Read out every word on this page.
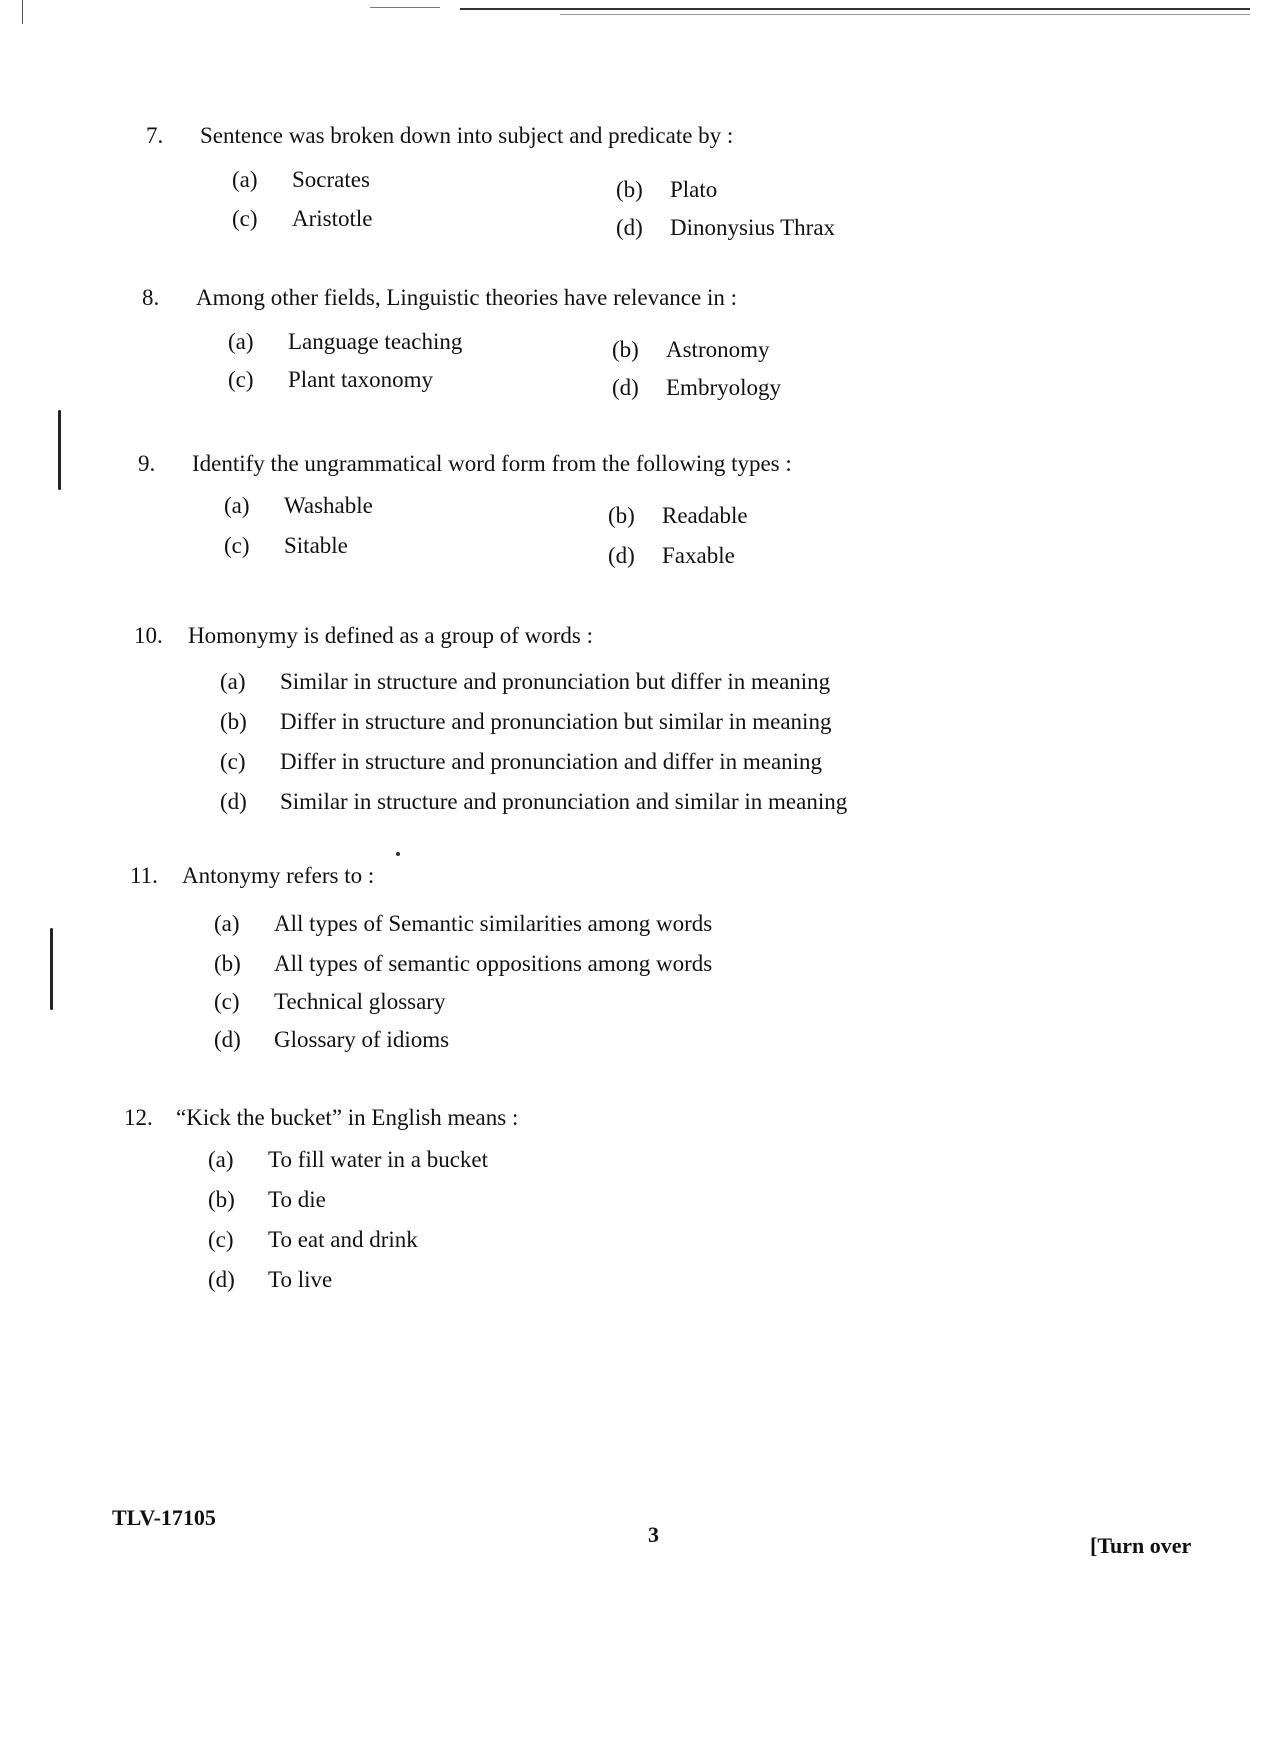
7. Sentence was broken down into subject and predicate by :
(a) Socrates	(b) Plato
(c) Aristotle	(d) Dinonysius Thrax
8. Among other fields, Linguistic theories have relevance in :
(a) Language teaching	(b) Astronomy
(c) Plant taxonomy	(d) Embryology
9. Identify the ungrammatical word form from the following types :
(a) Washable	(b) Readable
(c) Sitable	(d) Faxable
10. Homonymy is defined as a group of words :
(a) Similar in structure and pronunciation but differ in meaning
(b) Differ in structure and pronunciation but similar in meaning
(c) Differ in structure and pronunciation and differ in meaning
(d) Similar in structure and pronunciation and similar in meaning
11. Antonymy refers to :
(a) All types of Semantic similarities among words
(b) All types of semantic oppositions among words
(c) Technical glossary
(d) Glossary of idioms
12. “Kick the bucket” in English means :
(a) To fill water in a bucket
(b) To die
(c) To eat and drink
(d) To live
TLV-17105
3	[Turn over
